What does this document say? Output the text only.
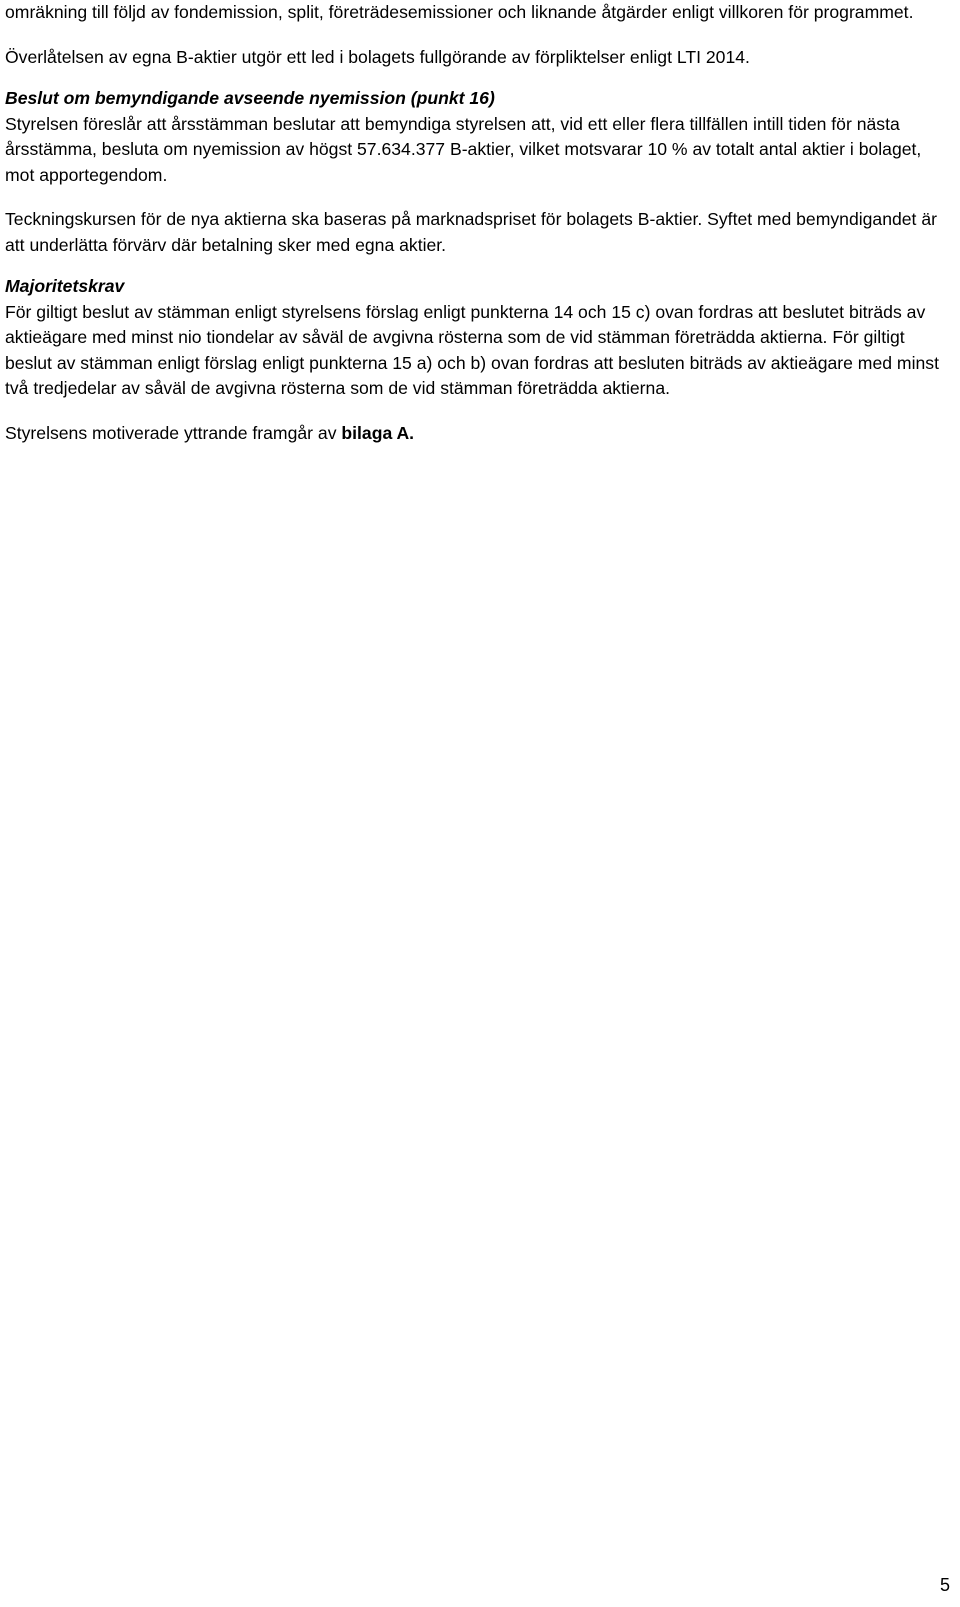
omräkning till följd av fondemission, split, företrädesemissioner och liknande åtgärder enligt villkoren för programmet.

Överlåtelsen av egna B-aktier utgör ett led i bolagets fullgörande av förpliktelser enligt LTI 2014.

Beslut om bemyndigande avseende nyemission (punkt 16)

Styrelsen föreslår att årsstämman beslutar att bemyndiga styrelsen att, vid ett eller flera tillfällen intill tiden för nästa årsstämma, besluta om nyemission av högst 57.634.377 B-aktier, vilket motsvarar 10 % av totalt antal aktier i bolaget, mot apportegendom.

Teckningskursen för de nya aktierna ska baseras på marknadspriset för bolagets B-aktier. Syftet med bemyndigandet är att underlätta förvärv där betalning sker med egna aktier.

Majoritetskrav

För giltigt beslut av stämman enligt styrelsens förslag enligt punkterna 14 och 15 c) ovan fordras att beslutet biträds av aktieägare med minst nio tiondelar av såväl de avgivna rösterna som de vid stämman företrädda aktierna. För giltigt beslut av stämman enligt förslag enligt punkterna 15 a) och b) ovan fordras att besluten biträds av aktieägare med minst två tredjedelar av såväl de avgivna rösterna som de vid stämman företrädda aktierna.

Styrelsens motiverade yttrande framgår av bilaga A.

5
